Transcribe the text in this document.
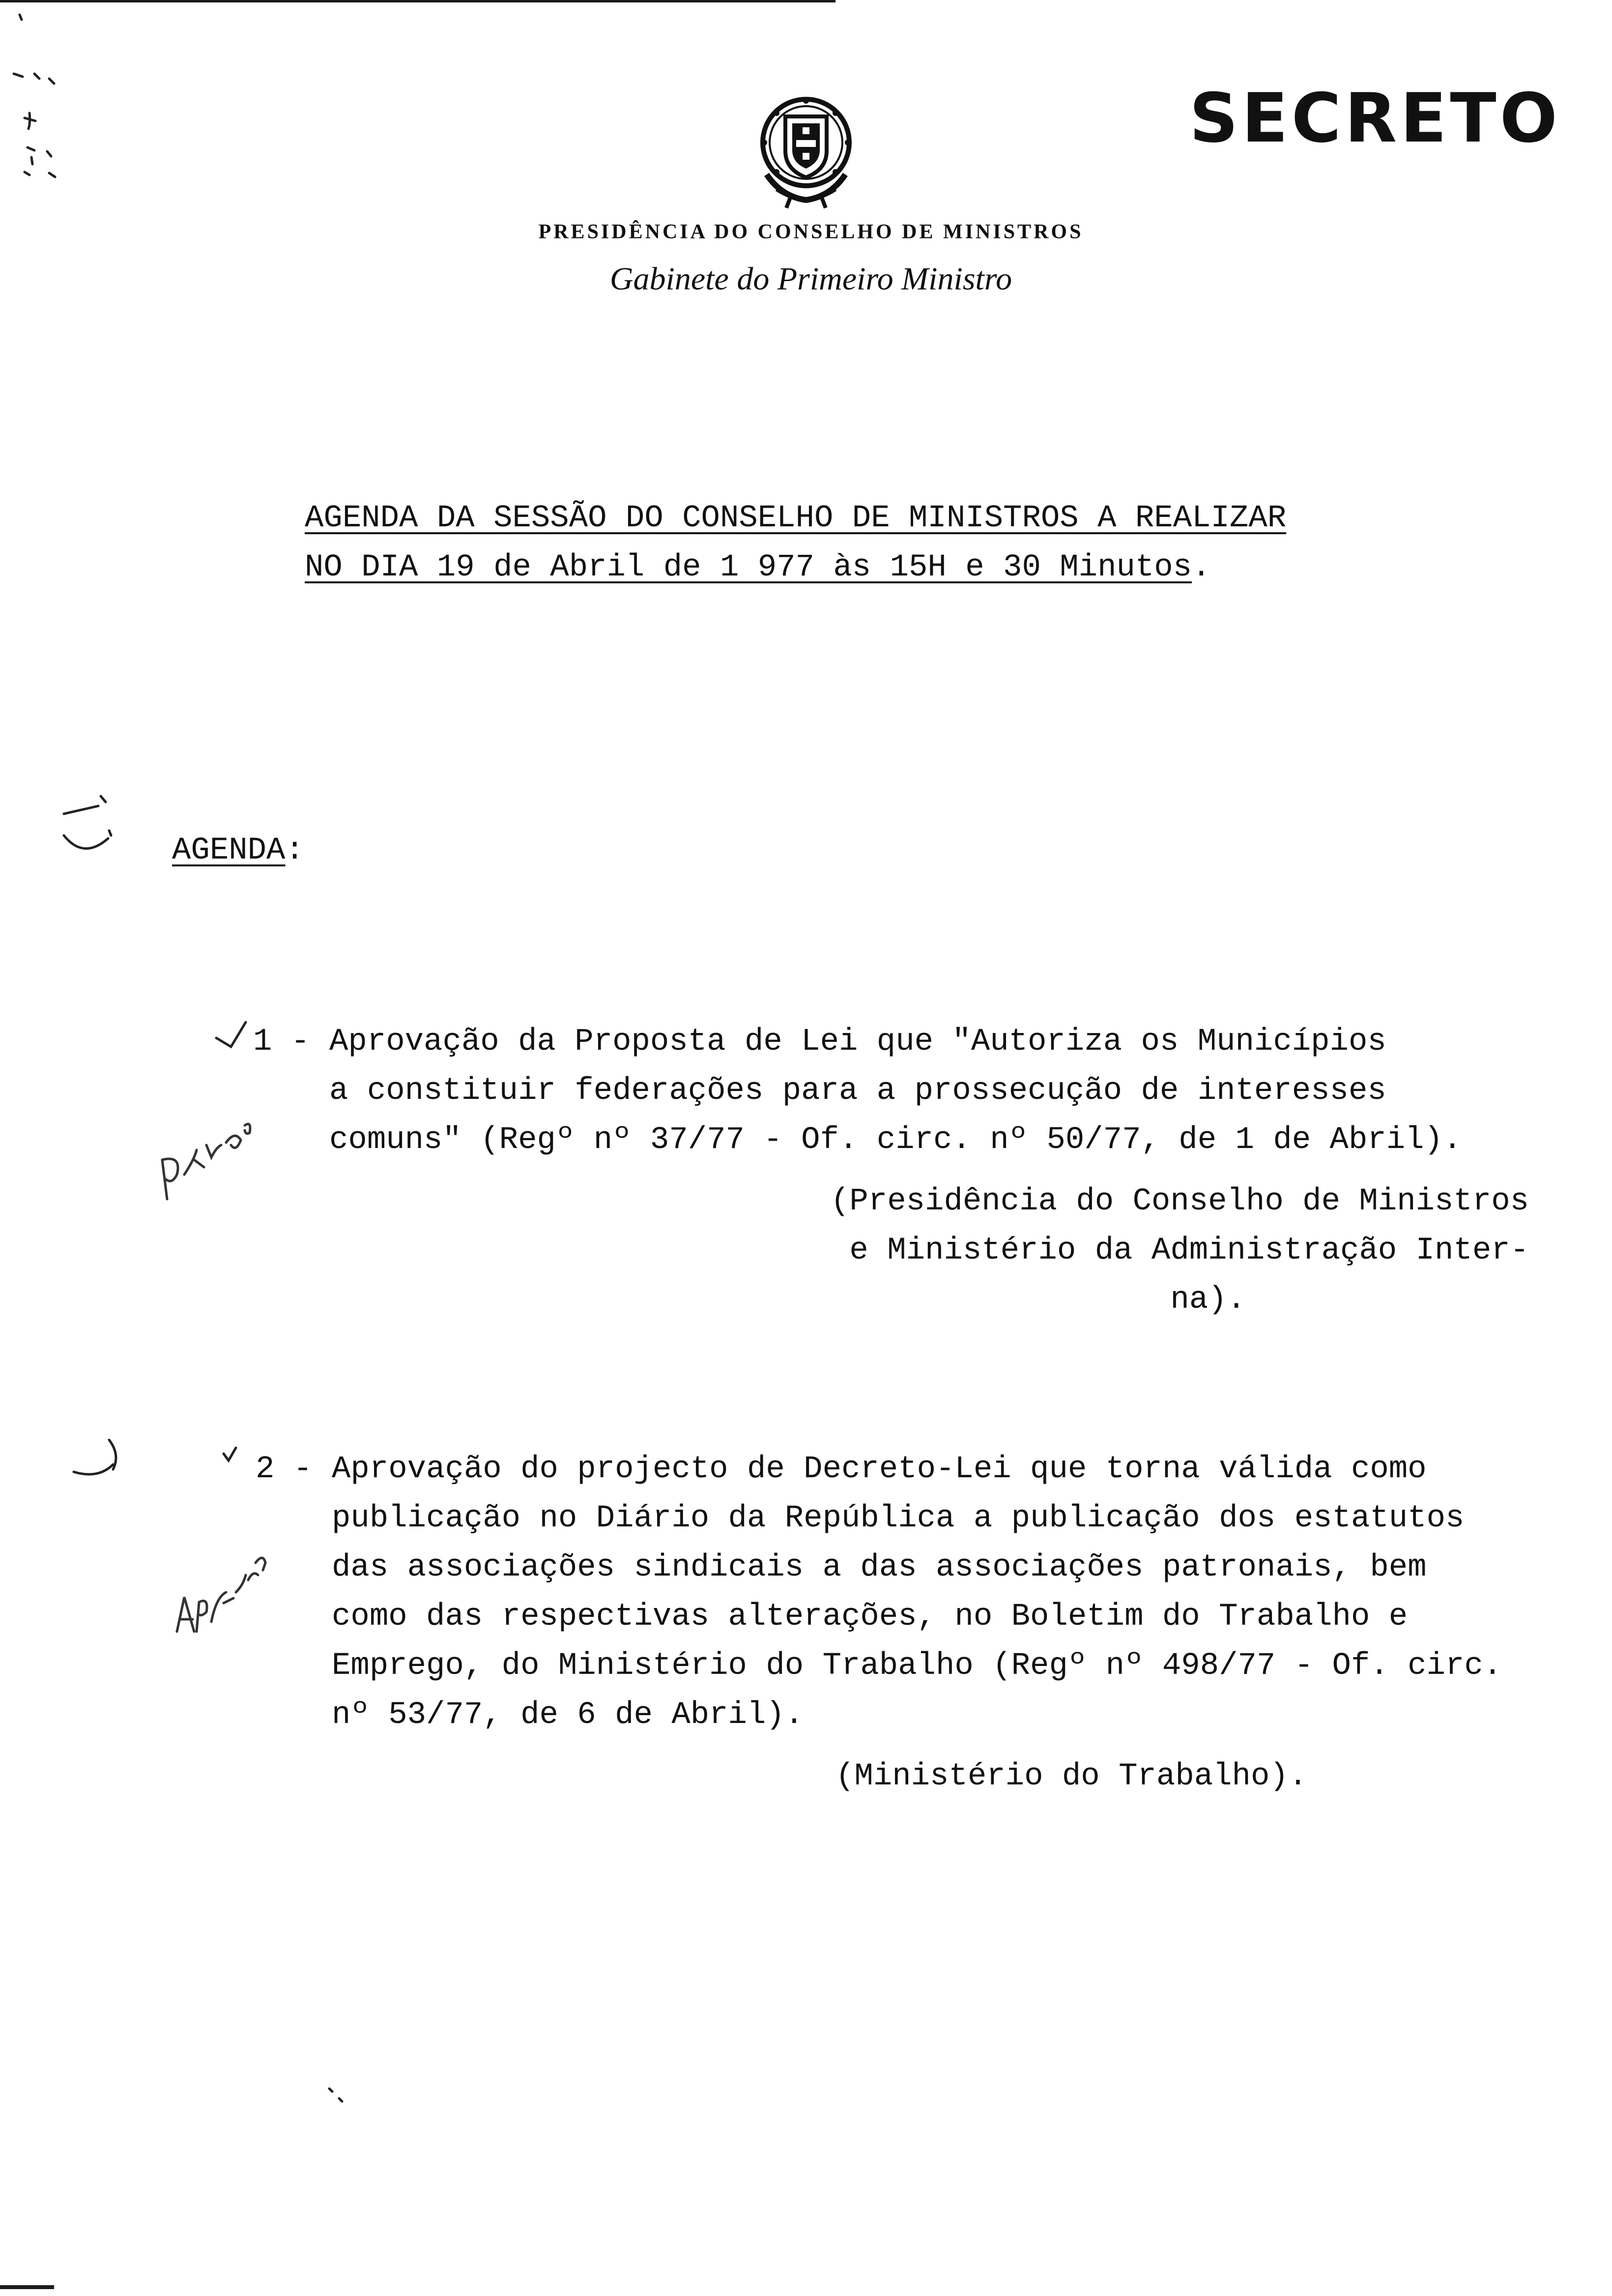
SECRETO
PRESIDÊNCIA DO CONSELHO DE MINISTROS
Gabinete do Primeiro Ministro
AGENDA DA SESSÃO DO CONSELHO DE MINISTROS A REALIZAR
NO DIA 19 de Abril de 1 977 às 15H e 30 Minutos.
AGENDA:
1 - Aprovação da Proposta de Lei que "Autoriza os Municípios
a constituir federações para a prossecução de interesses
comuns" (Regº nº 37/77 - Of. circ. nº 50/77, de 1 de Abril).
(Presidência do Conselho de Ministros
e Ministério da Administração Inter-
na).
2 - Aprovação do projecto de Decreto-Lei que torna válida como
publicação no Diário da República a publicação dos estatutos
das associações sindicais a das associações patronais, bem
como das respectivas alterações, no Boletim do Trabalho e
Emprego, do Ministério do Trabalho (Regº nº 498/77 - Of. circ.
nº 53/77, de 6 de Abril).
(Ministério do Trabalho).
